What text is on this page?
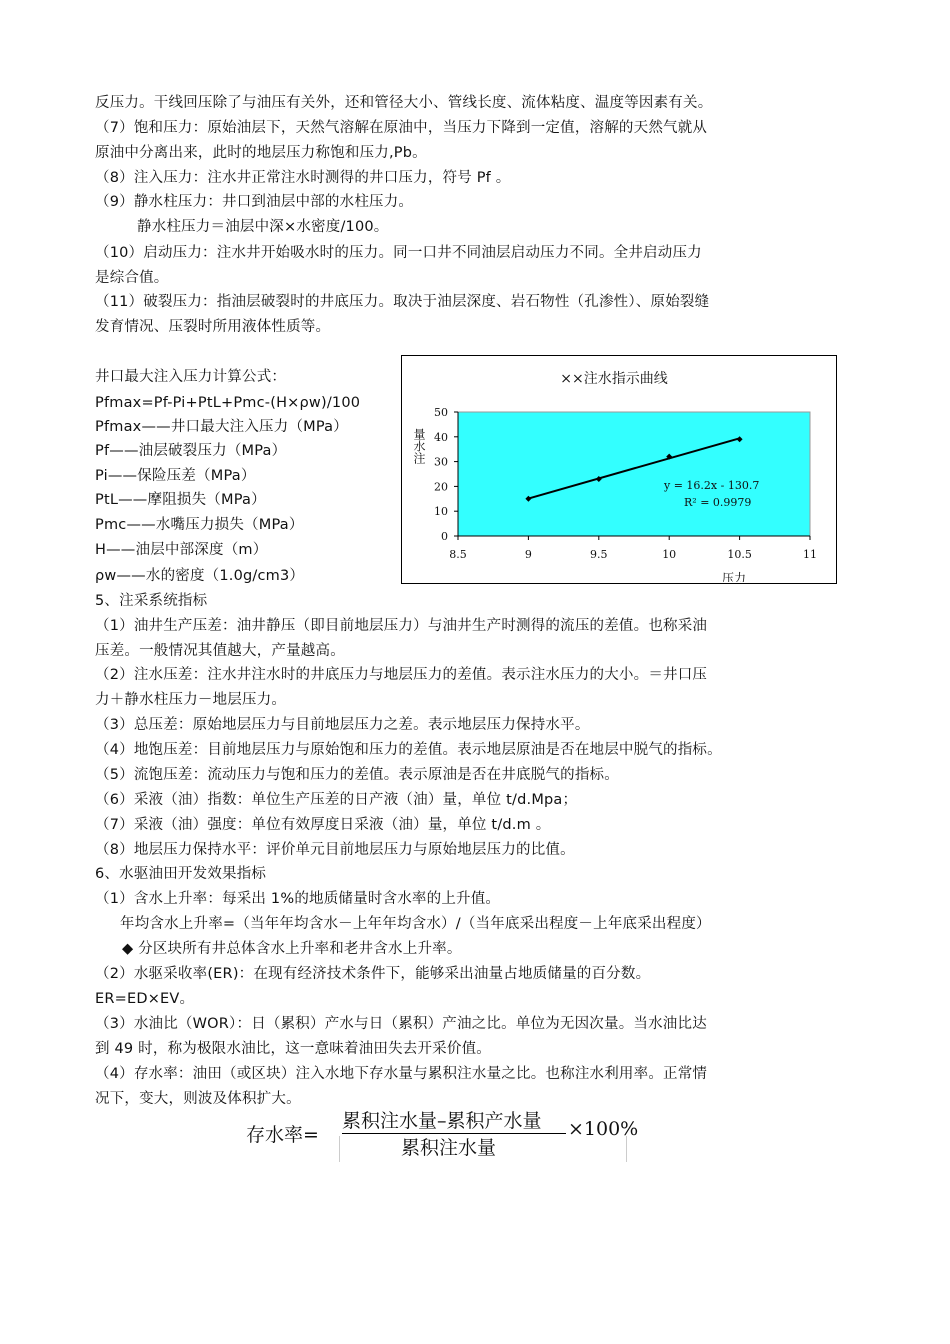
反压力。干线回压除了与油压有关外，还和管径大小、管线长度、流体粘度、温度等因素有关。
（7）饱和压力：原始油层下，天然气溶解在原油中，当压力下降到一定值，溶解的天然气就从
原油中分离出来，此时的地层压力称饱和压力,Pb。
（8）注入压力：注水井正常注水时测得的井口压力，符号 Pf 。
（9）静水柱压力：井口到油层中部的水柱压力。
静水柱压力＝油层中深×水密度/100。
（10）启动压力：注水井开始吸水时的压力。同一口井不同油层启动压力不同。全井启动压力
是综合值。
（11）破裂压力：指油层破裂时的井底压力。取决于油层深度、岩石物性（孔渗性）、原始裂缝
发育情况、压裂时所用液体性质等。
井口最大注入压力计算公式：
Pfmax=Pf-Pi+PtL+Pmc-(H×ρw)/100
Pfmax——井口最大注入压力（MPa）
Pf——油层破裂压力（MPa）
Pi——保险压差（MPa）
PtL——摩阻损失（MPa）
Pmc——水嘴压力损失（MPa）
H——油层中部深度（m）
ρw——水的密度（1.0g/cm3）
5、注采系统指标
（1）油井生产压差：油井静压（即目前地层压力）与油井生产时测得的流压的差值。也称采油
压差。一般情况其值越大，产量越高。
（2）注水压差：注水井注水时的井底压力与地层压力的差值。表示注水压力的大小。＝井口压
力＋静水柱压力－地层压力。
（3）总压差：原始地层压力与目前地层压力之差。表示地层压力保持水平。
（4）地饱压差：目前地层压力与原始饱和压力的差值。表示地层原油是否在地层中脱气的指标。
（5）流饱压差：流动压力与饱和压力的差值。表示原油是否在井底脱气的指标。
（6）采液（油）指数：单位生产压差的日产液（油）量，单位 t/d.Mpa；
（7）采液（油）强度：单位有效厚度日采液（油）量，单位 t/d.m 。
（8）地层压力保持水平：评价单元目前地层压力与原始地层压力的比值。
6、水驱油田开发效果指标
（1）含水上升率：每采出 1%的地质储量时含水率的上升值。
年均含水上升率=（当年年均含水－上年年均含水）/（当年底采出程度－上年底采出程度）
◆ 分区块所有井总体含水上升率和老井含水上升率。
（2）水驱采收率(ER)：在现有经济技术条件下，能够采出油量占地质储量的百分数。
ER=ED×EV。
（3）水油比（WOR）：日（累积）产水与日（累积）产油之比。单位为无因次量。当水油比达
到 49 时，称为极限水油比，这一意味着油田失去开采价值。
（4）存水率：油田（或区块）注入水地下存水量与累积注水量之比。也称注水利用率。正常情
况下，变大，则波及体积扩大。
××注水指示曲线
量水注
压力
0
10
20
30
40
50
8.5	9	9.5	10	10.5	11
y = 16.2x - 130.7
R² = 0.9979
存水率=
累积注水量–累积产水量
累积注水量
×100%
